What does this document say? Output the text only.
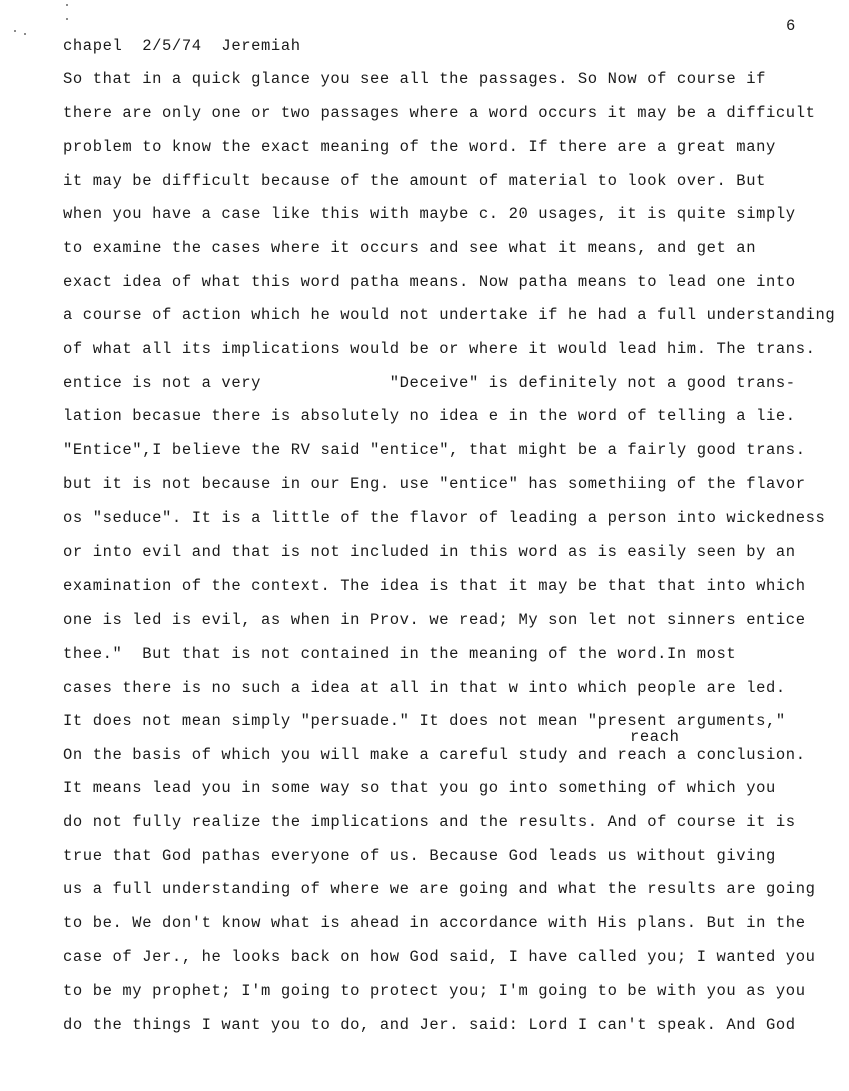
6
chapel  2/5/74  Jeremiah
reach
So that in a quick glance you see all the passages. So Now of course if
there are only one or two passages where a word occurs it may be a difficult
problem to know the exact meaning of the word. If there are a great many
it may be difficult because of the amount of material to look over. But
when you have a case like this with maybe c. 20 usages, it is quite simply
to examine the cases where it occurs and see what it means, and get an
exact idea of what this word patha means. Now patha means to lead one into
a course of action which he would not undertake if he had a full understanding
of what all its implications would be or where it would lead him. The trans.
entice is not a very             "Deceive" is definitely not a good trans-
lation becasue there is absolutely no idea e in the word of telling a lie.
"Entice",I believe the RV said "entice", that might be a fairly good trans.
but it is not because in our Eng. use "entice" has somethiing of the flavor
os "seduce". It is a little of the flavor of leading a person into wickedness
or into evil and that is not included in this word as is easily seen by an
examination of the context. The idea is that it may be that that into which
one is led is evil, as when in Prov. we read; My son let not sinners entice
thee."  But that is not contained in the meaning of the word.In most
cases there is no such a idea at all in that w into which people are led.
It does not mean simply "persuade." It does not mean "present arguments,"
On the basis of which you will make a careful study and reach a conclusion.
It means lead you in some way so that you go into something of which you
do not fully realize the implications and the results. And of course it is
true that God pathas everyone of us. Because God leads us without giving
us a full understanding of where we are going and what the results are going
to be. We don't know what is ahead in accordance with His plans. But in the
case of Jer., he looks back on how God said, I have called you; I wanted you
to be my prophet; I'm going to protect you; I'm going to be with you as you
do the things I want you to do, and Jer. said: Lord I can't speak. And God
